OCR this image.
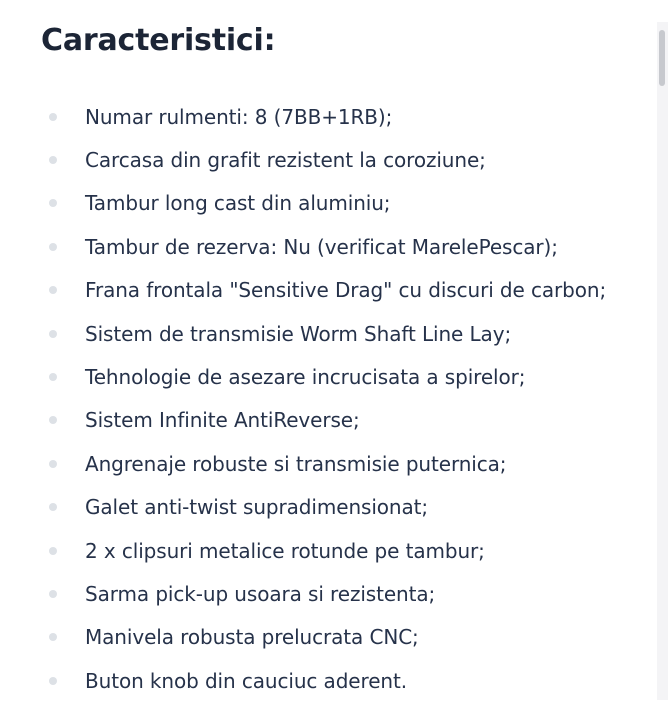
Caracteristici:
Numar rulmenti: 8 (7BB+1RB);
Carcasa din grafit rezistent la coroziune;
Tambur long cast din aluminiu;
Tambur de rezerva: Nu (verificat MarelePescar);
Frana frontala "Sensitive Drag" cu discuri de carbon;
Sistem de transmisie Worm Shaft Line Lay;
Tehnologie de asezare incrucisata a spirelor;
Sistem Infinite AntiReverse;
Angrenaje robuste si transmisie puternica;
Galet anti-twist supradimensionat;
2 x clipsuri metalice rotunde pe tambur;
Sarma pick-up usoara si rezistenta;
Manivela robusta prelucrata CNC;
Buton knob din cauciuc aderent.
